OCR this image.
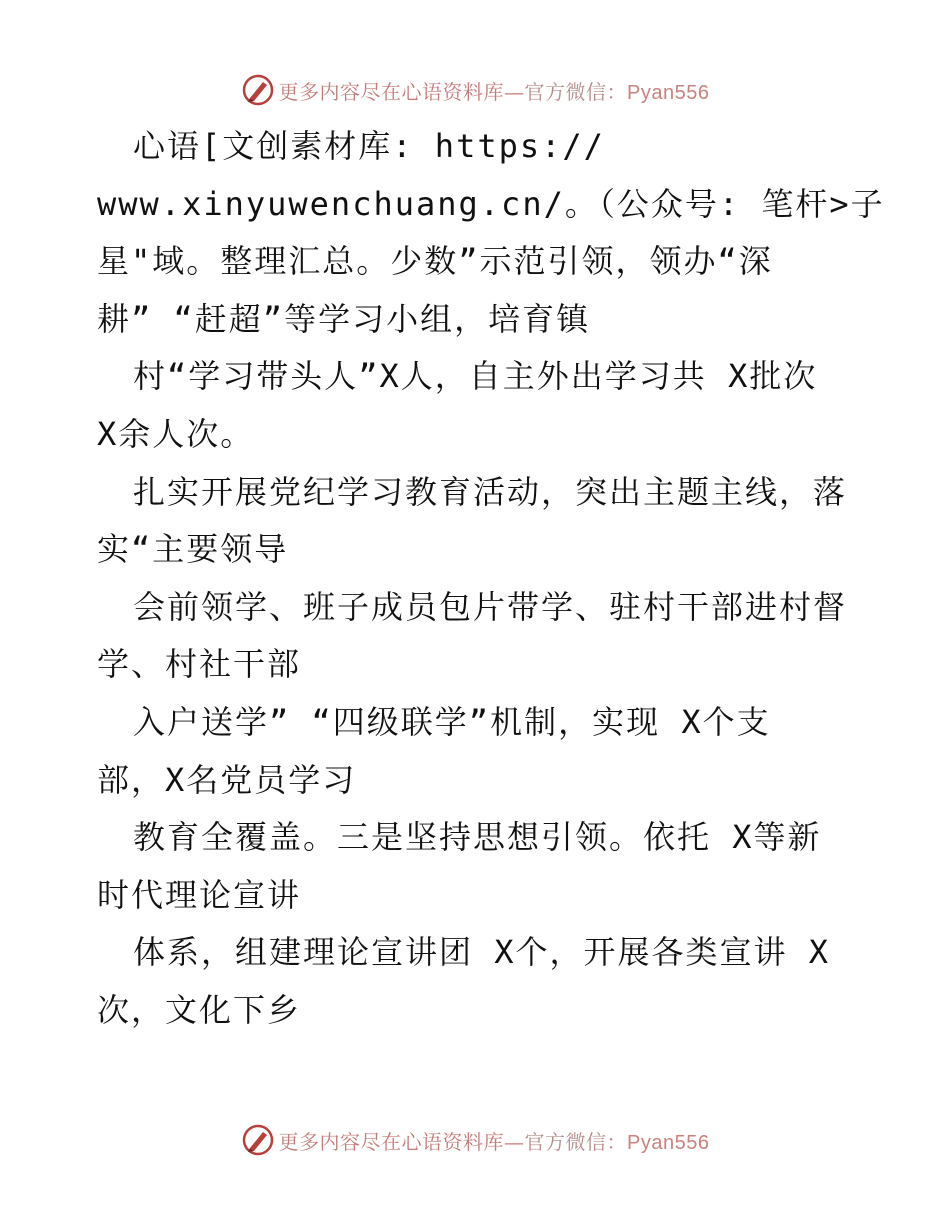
更多内容尽在心语资料库—官方微信：Pyan556
心语[文创素材库: https://
www.xinyuwenchuang.cn/。（公众号: 笔杆>子
星"域。整理汇总。少数”示范引领，领办“深
耕” “赶超”等学习小组，培育镇
村“学习带头人”X人，自主外出学习共 X批次
X余人次。
扎实开展党纪学习教育活动，突出主题主线，落
实“主要领导
会前领学、班子成员包片带学、驻村干部进村督
学、村社干部
入户送学” “四级联学”机制，实现 X个支
部，X名党员学习
教育全覆盖。三是坚持思想引领。依托 X等新
时代理论宣讲
体系，组建理论宣讲团 X个，开展各类宣讲 X
次，文化下乡
更多内容尽在心语资料库—官方微信：Pyan556
